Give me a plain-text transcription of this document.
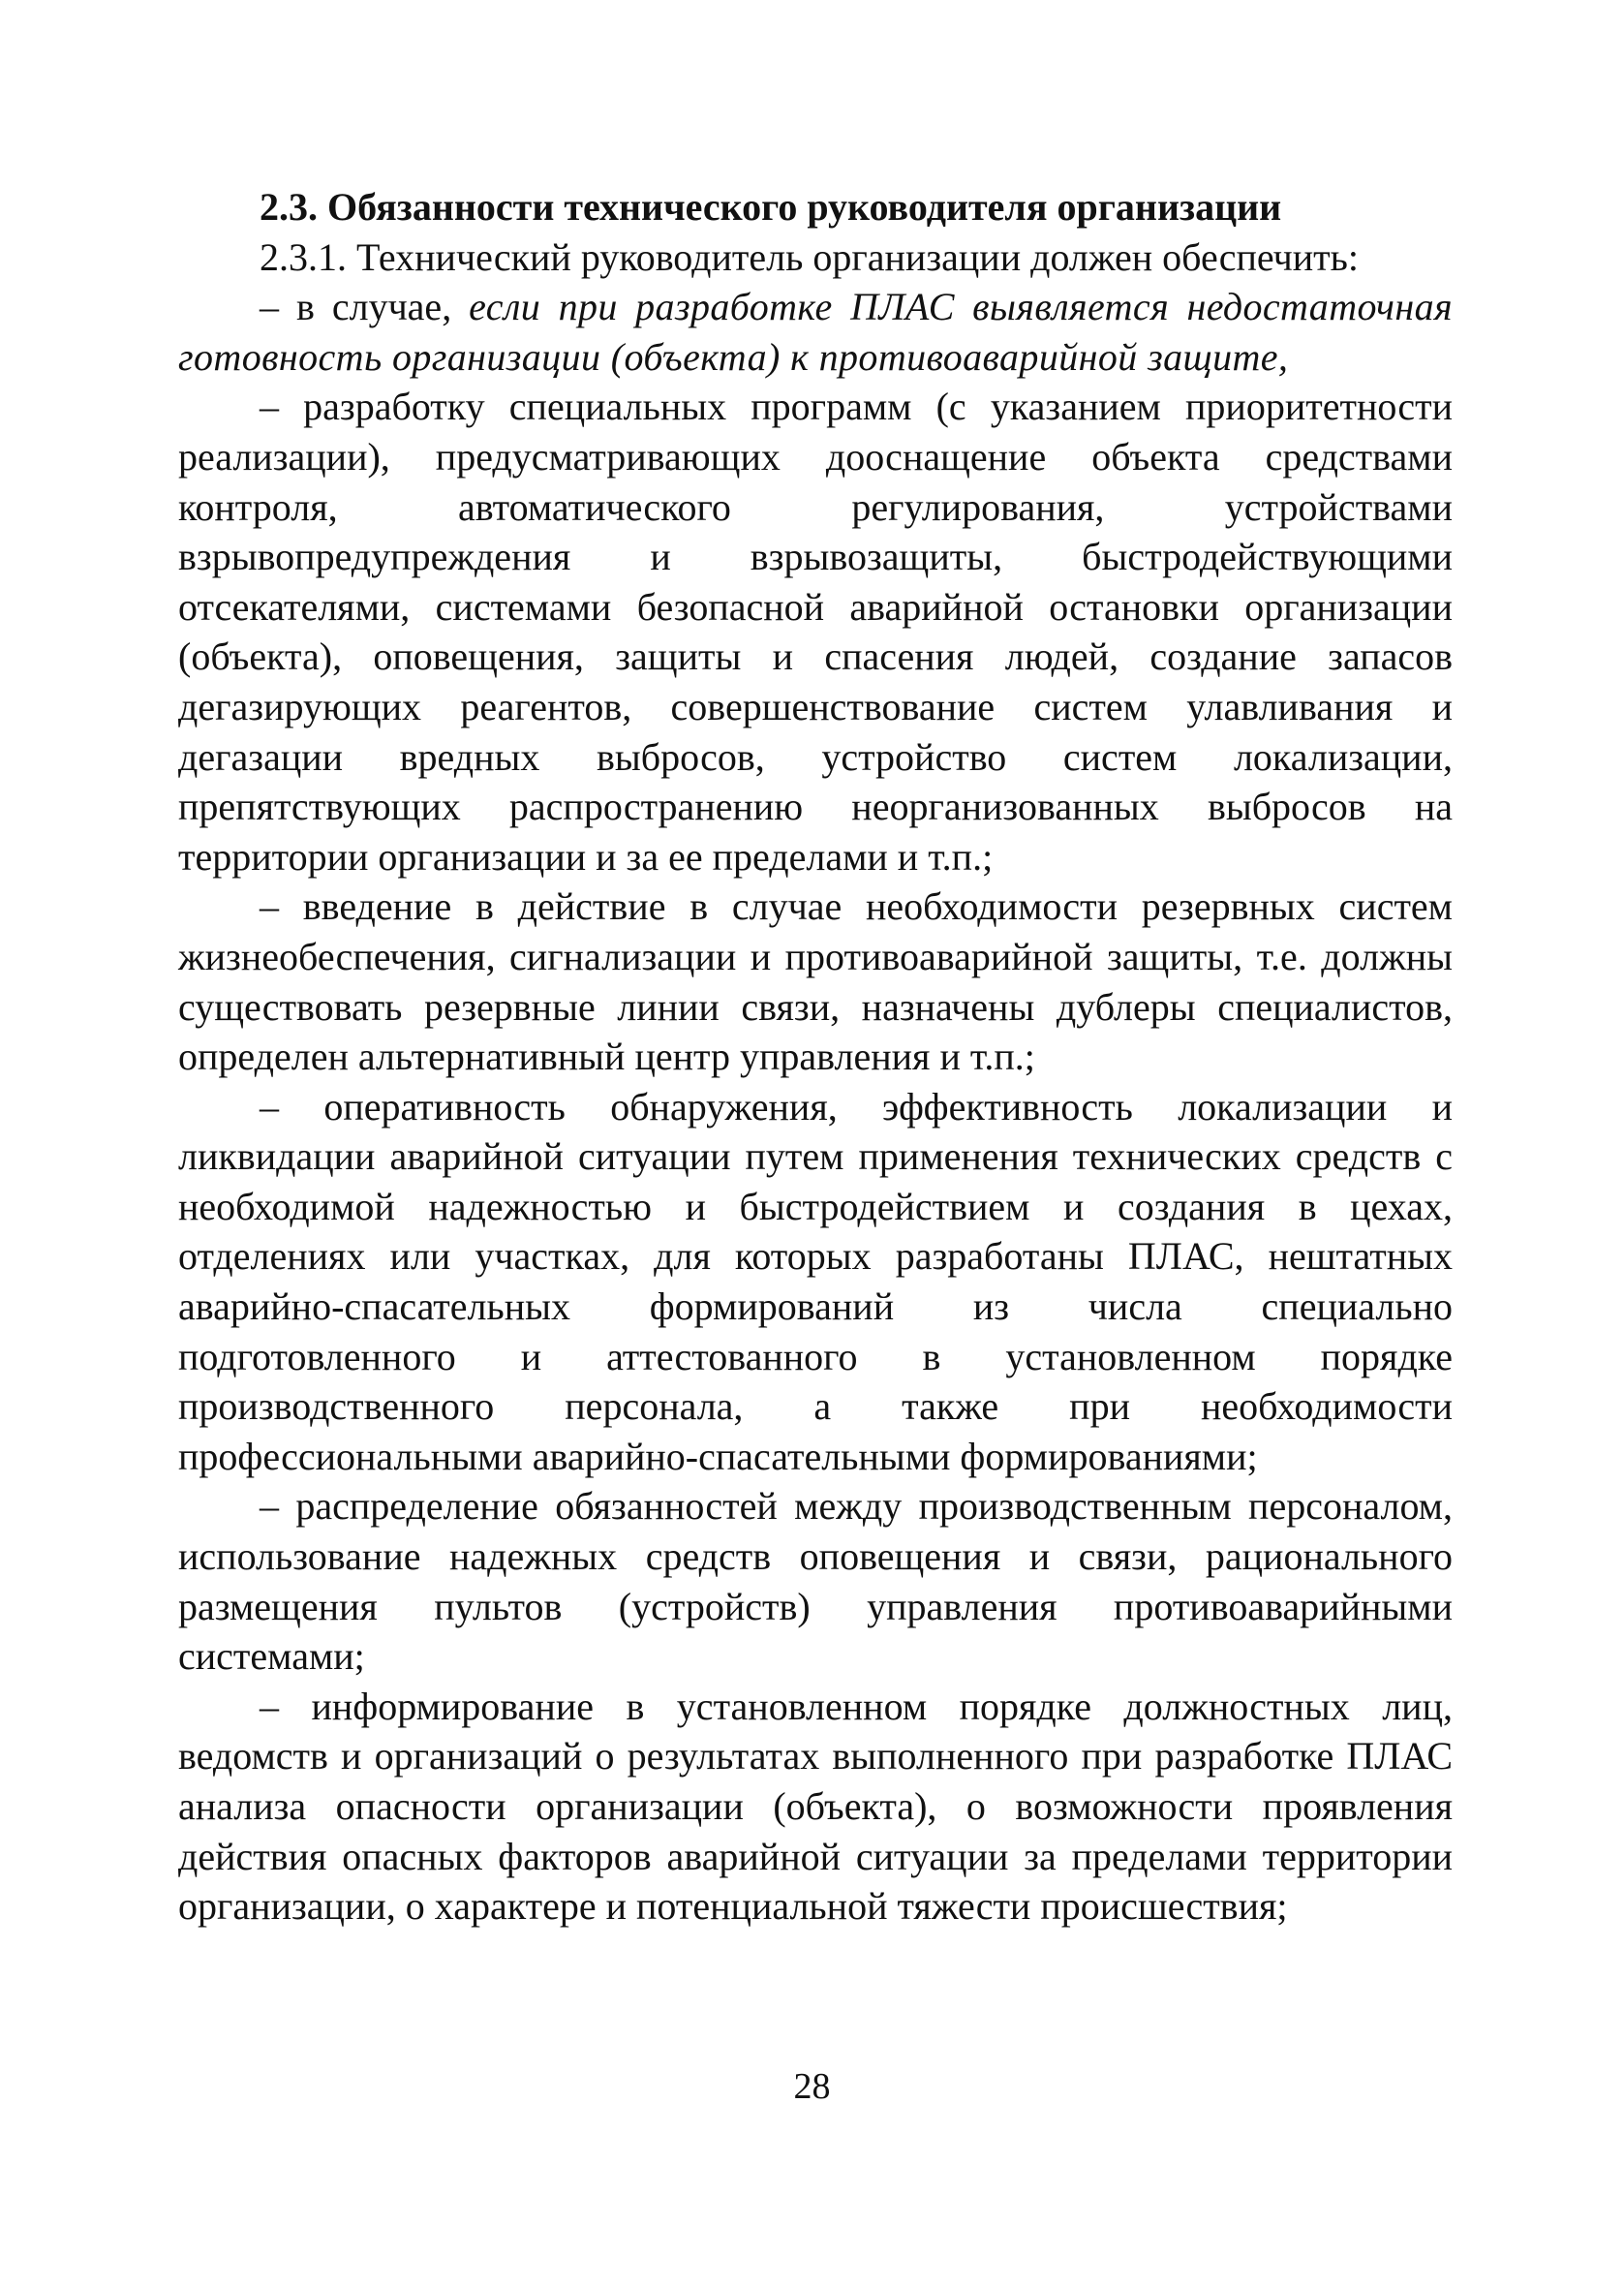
2.3. Обязанности технического руководителя организации

2.3.1. Технический руководитель организации должен обеспечить:

– в случае, если при разработке ПЛАС выявляется недостаточная готовность организации (объекта) к противоаварийной защите,

– разработку специальных программ (с указанием приоритетности реализации), предусматривающих дооснащение объекта средствами контроля, автоматического регулирования, устройствами взрывопредупреждения и взрывозащиты, быстродействующими отсекателями, системами безопасной аварийной остановки организации (объекта), оповещения, защиты и спасения людей, создание запасов дегазирующих реагентов, совершенствование систем улавливания и дегазации вредных выбросов, устройство систем локализации, препятствующих распространению неорганизованных выбросов на территории организации и за ее пределами и т.п.;

– введение в действие в случае необходимости резервных систем жизнеобеспечения, сигнализации и противоаварийной защиты, т.е. должны существовать резервные линии связи, назначены дублеры специалистов, определен альтернативный центр управления и т.п.;

– оперативность обнаружения, эффективность локализации и ликвидации аварийной ситуации путем применения технических средств с необходимой надежностью и быстродействием и создания в цехах, отделениях или участках, для которых разработаны ПЛАС, нештатных аварийно-спасательных формирований из числа специально подготовленного и аттестованного в установленном порядке производственного персонала, а также при необходимости профессиональными аварийно-спасательными формированиями;

– распределение обязанностей между производственным персоналом, использование надежных средств оповещения и связи, рационального размещения пультов (устройств) управления противоаварийными системами;

– информирование в установленном порядке должностных лиц, ведомств и организаций о результатах выполненного при разработке ПЛАС анализа опасности организации (объекта), о возможности проявления действия опасных факторов аварийной ситуации за пределами территории организации, о характере и потенциальной тяжести происшествия;

28
